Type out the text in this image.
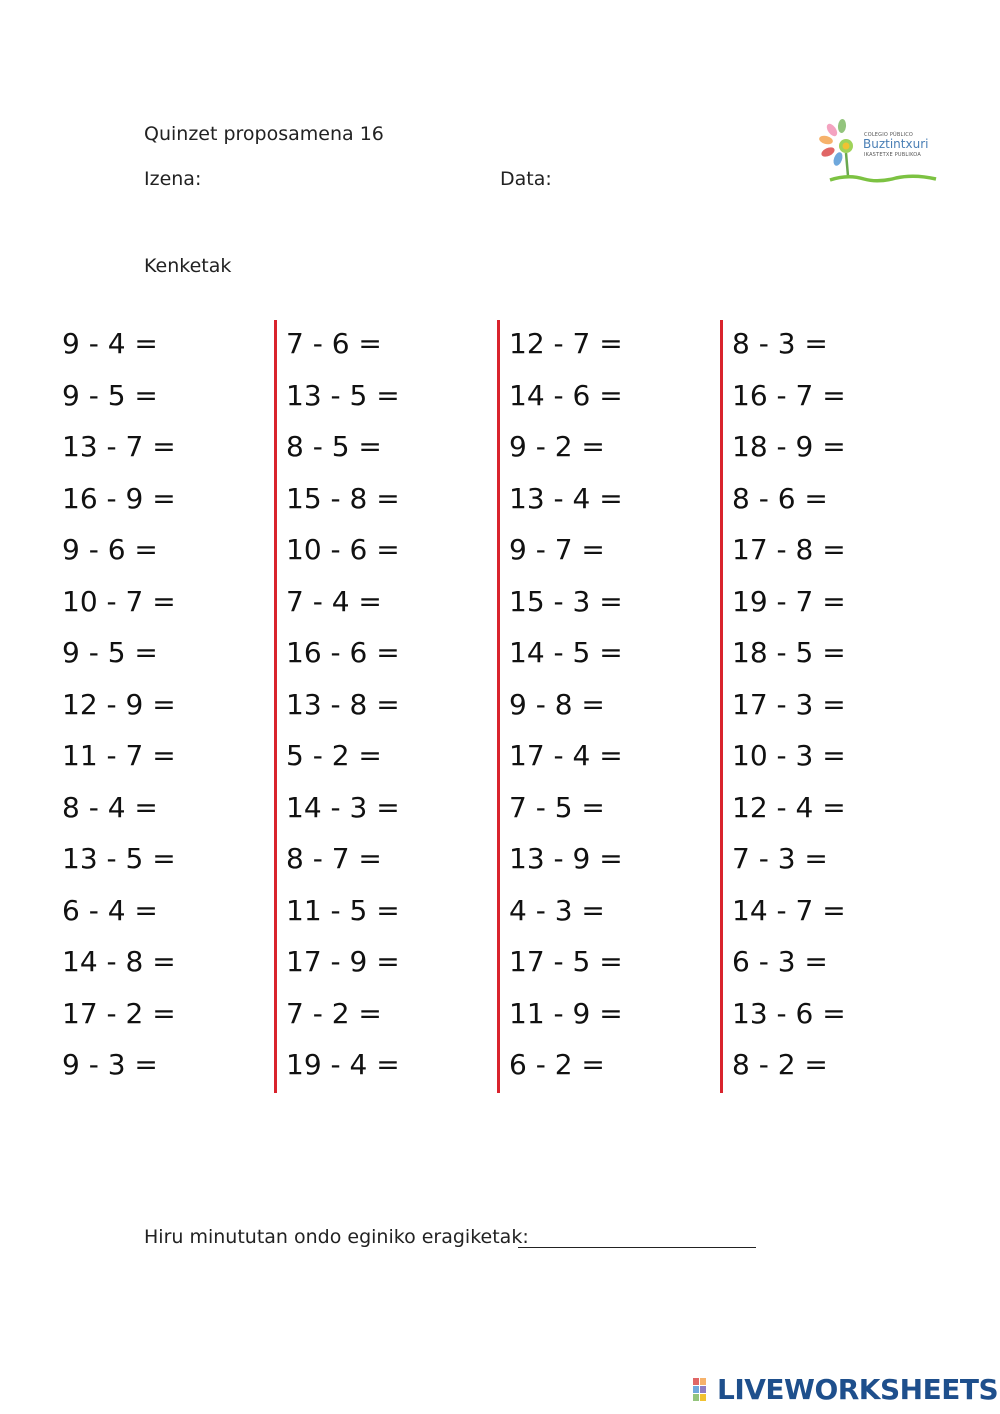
Quinzet proposamena 16
Izena:	Data:
Kenketak
COLEGIO PÚBLICO
Buztintxuri
IKASTETXE PUBLIKOA
9 - 4 =
9 - 5 =
13 - 7 =
16 - 9 =
9 - 6 =
10 - 7 =
9 - 5 =
12 - 9 =
11 - 7 =
8 - 4 =
13 - 5 =
6 - 4 =
14 - 8 =
17 - 2 =
9 - 3 =
7 - 6 =
13 - 5 =
8 - 5 =
15 - 8 =
10 - 6 =
7 - 4 =
16 - 6 =
13 - 8 =
5 - 2 =
14 - 3 =
8 - 7 =
11 - 5 =
17 - 9 =
7 - 2 =
19 - 4 =
12 - 7 =
14 - 6 =
9 - 2 =
13 - 4 =
9 - 7 =
15 - 3 =
14 - 5 =
9 - 8 =
17 - 4 =
7 - 5 =
13 - 9 =
4 - 3 =
17 - 5 =
11 - 9 =
6 - 2 =
8 - 3 =
16 - 7 =
18 - 9 =
8 - 6 =
17 - 8 =
19 - 7 =
18 - 5 =
17 - 3 =
10 - 3 =
12 - 4 =
7 - 3 =
14 - 7 =
6 - 3 =
13 - 6 =
8 - 2 =
Hiru minututan ondo eginiko eragiketak:
LIVEWORKSHEETS
